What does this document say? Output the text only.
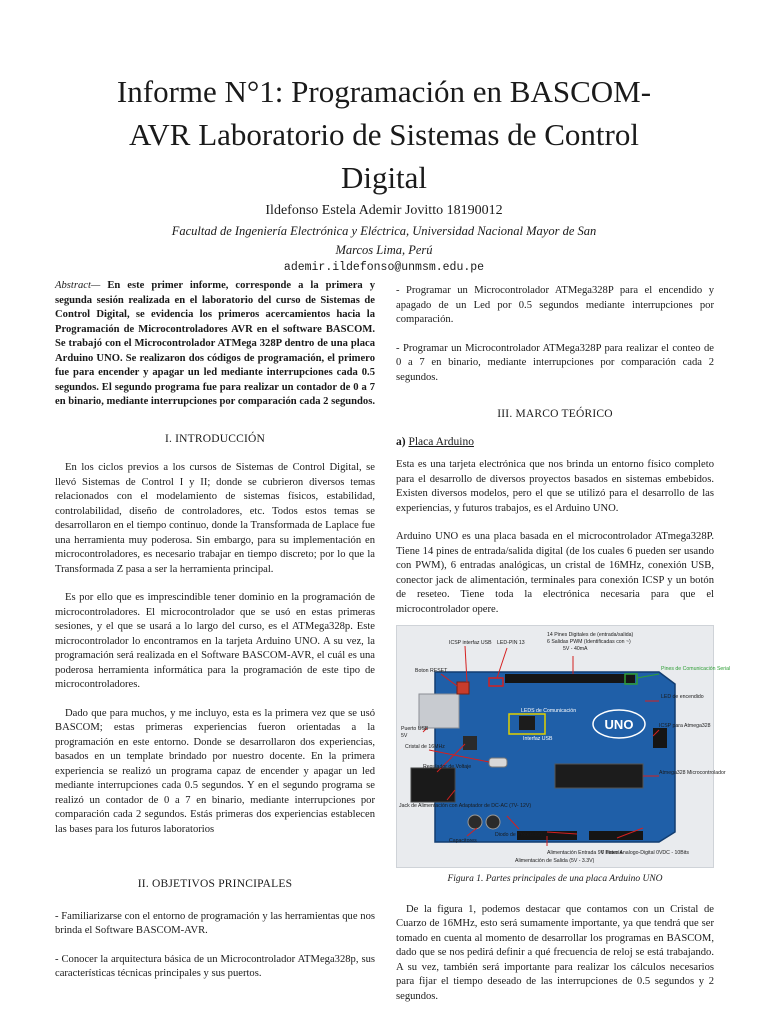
Informe N°1: Programación en BASCOM-AVR Laboratorio de Sistemas de Control Digital
Ildefonso Estela Ademir Jovitto 18190012
Facultad de Ingeniería Electrónica y Eléctrica, Universidad Nacional Mayor de San
Marcos Lima, Perú
ademir.ildefonso@unmsm.edu.pe

Abstract— En este primer informe, corresponde a la primera y segunda sesión realizada en el laboratorio del curso de Sistemas de Control Digital, se evidencia los primeros acercamientos hacia la Programación de Microcontroladores AVR en el software BASCOM. Se trabajó con el Microcontrolador ATMega 328P dentro de una placa Arduino UNO. Se realizaron dos códigos de programación, el primero fue para encender y apagar un led mediante interrupciones cada 0.5 segundos. El segundo programa fue para realizar un contador de 0 a 7 en binario, mediante interrupciones por comparación cada 2 segundos.

I. INTRODUCCIÓN

En los ciclos previos a los cursos de Sistemas de Control Digital, se llevó Sistemas de Control I y II; donde se cubrieron diversos temas relacionados con el modelamiento de sistemas físicos, estabilidad, controlabilidad, diseño de controladores, etc. Todos estos temas se desarrollaron en el tiempo continuo, donde la Transformada de Laplace fue una herramienta muy poderosa. Sin embargo, para su implementación en microcontroladores, es necesario trabajar en tiempo discreto; por lo que la Transformada Z pasa a ser la herramienta principal.

Es por ello que es imprescindible tener dominio en la programación de microcontroladores. El microcontrolador que se usó en estas primeras sesiones, y el que se usará a lo largo del curso, es el ATMega328p. Este microcontrolador lo encontramos en la tarjeta Arduino UNO. A su vez, la programación será realizada en el Software BASCOM-AVR, el cuál es una poderosa herramienta informática para la programación de este tipo de microcontroladores.

Dado que para muchos, y me incluyo, esta es la primera vez que se usó BASCOM; estas primeras experiencias fueron orientadas a la programación en este entorno. Donde se desarrollaron dos experiencias, basados en un template brindado por nuestro docente. En la primera experiencia se realizó un programa capaz de encender y apagar un led mediante interrupciones cada 0.5 segundos. Y en el segundo programa se realizó un contador de 0 a 7 en binario, mediante interrupciones por comparación cada 2 segundos. Estás primeras dos experiencias establecen las bases para los futuros laboratorios

II. OBJETIVOS PRINCIPALES

- Familiarizarse con el entorno de programación y las herramientas que nos brinda el Software BASCOM-AVR.

- Conocer la arquitectura básica de un Microcontrolador ATMega328p, sus características técnicas principales y sus puertos.

- Programar un Microcontrolador ATMega328P para el encendido y apagado de un Led por 0.5 segundos mediante interrupciones por comparación.

- Programar un Microcontrolador ATMega328P para realizar el conteo de 0 a 7 en binario, mediante interrupciones por comparación cada 2 segundos.

III. MARCO TEÓRICO

a) Placa Arduino

Esta es una tarjeta electrónica que nos brinda un entorno físico completo para el desarrollo de diversos proyectos basados en sistemas embebidos. Existen diversos modelos, pero el que se utilizó para el desarrollo de las experiencias, y futuros trabajos, es el Arduino UNO.

Arduino UNO es una placa basada en el microcontrolador ATmega328P. Tiene 14 pines de entrada/salida digital (de los cuales 6 pueden ser usando con PWM), 6 entradas analógicas, un cristal de 16MHz, conexión USB, conector jack de alimentación, terminales para conexión ICSP y un botón de reseteo. Tiene toda la electrónica necesaria para que el microcontrolador opere.

UNO
ICSP interfaz USB LED-PIN 13
14 Pines Digitales de (entrada/salida)
6 Salidas PWM (Identificadas con ~)
5V - 40mA
Pines de Comunicación Serial
Boton RESET
LED de encendido
LEDS de Comunicación
Interfaz USB
ICSP para Atmega328
Puerto USB
5V
Cristal de 16MHz
Regulador de Voltaje
Atmega328 Microcontrolador
Jack de Alimentación con Adaptador de DC-AC (7V- 12V)
Capacitores
Diodo de Protección
Alimentación Entrada 9V Batería
Alimentación de Salida (5V - 3.3V)
6 Pines Analogo-Digital 0VDC - 10Bits
Figura 1. Partes principales de una placa Arduino UNO

De la figura 1, podemos destacar que contamos con un Cristal de Cuarzo de 16MHz, esto será sumamente importante, ya que tendrá que ser tomado en cuenta al momento de desarrollar los programas en BASCOM, dado que se nos pedirá definir a qué frecuencia de reloj se está trabajando. A su vez, también será importante para realizar los cálculos necesarios para fijar el tiempo deseado de las interrupciones de 0.5 segundos y 2 segundos.
